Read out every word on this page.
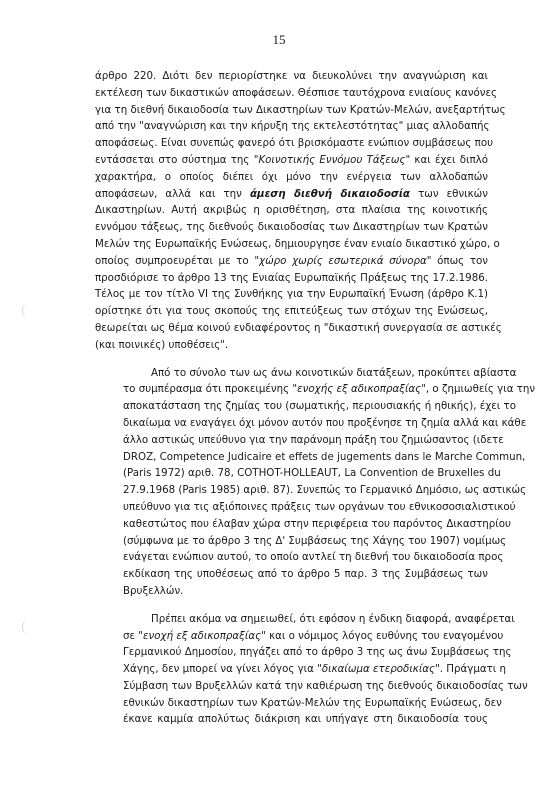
15
άρθρο 220. Διότι δεν περιορίστηκε να διευκολύνει την αναγνώριση και
εκτέλεση των δικαστικών αποφάσεων. Θέσπισε ταυτόχρονα ενιαίους κανόνες
για τη διεθνή δικαιοδοσία των Δικαστηρίων των Κρατών-Μελών, ανεξαρτήτως
από την "αναγνώριση και την κήρυξη της εκτελεστότητας" μιας αλλοδαπής
αποφάσεως. Είναι συνεπώς φανερό ότι βρισκόμαστε ενώπιον συμβάσεως που
εντάσσεται στο σύστημα της "Κοινοτικής Εννόμου Τάξεως" και έχει διπλό
χαρακτήρα, ο οποίος διέπει όχι μόνο την ενέργεια των αλλοδαπών
αποφάσεων, αλλά και την άμεση διεθνή δικαιοδοσία των εθνικών
Δικαστηρίων. Αυτή ακριβώς η ορισθέτηση, στα πλαίσια της κοινοτικής
εννόμου τάξεως, της διεθνούς δικαιοδοσίας των Δικαστηρίων των Κρατών
Μελών της Ευρωπαϊκής Ενώσεως, δημιουργησε έναν ενιαίο δικαστικό χώρο, ο
οποίος συμπροευρέται με το "χώρο χωρίς εσωτερικά σύνορα" όπως τον
προσδιόρισε το άρθρο 13 της Ενιαίας Ευρωπαϊκής Πράξεως της 17.2.1986.
Τέλος με τον τίτλο VI της Συνθήκης για την Ευρωπαϊκή Ένωση (άρθρο Κ.1)
ορίστηκε ότι για τους σκοπούς της επιτεύξεως των στόχων της Ενώσεως,
θεωρείται ως θέμα κοινού ενδιαφέροντος η "δικαστική συνεργασία σε αστικές
(και ποινικές) υποθέσεις".
Από το σύνολο των ως άνω κοινοτικών διατάξεων, προκύπτει αβίαστα
το συμπέρασμα ότι προκειμένης "ενοχής εξ αδικοπραξίας", ο ζημιωθείς για την
αποκατάσταση της ζημίας του (σωματικής, περιουσιακής ή ηθικής), έχει το
δικαίωμα να εναγάγει όχι μόνον αυτόν που προξένησε τη ζημία αλλά και κάθε
άλλο αστικώς υπεύθυνο για την παράνομη πράξη του ζημιώσαντος (ιδετε
DROZ, Competence Judicaire et effets de jugements dans le Marche Commun,
(Paris 1972) αριθ. 78, COTHOT-HOLLEAUT, La Convention de Bruxelles du
27.9.1968 (Paris 1985) αριθ. 87). Συνεπώς το Γερμανικό Δημόσιο, ως αστικώς
υπεύθυνο για τις αξιόποινες πράξεις των οργάνων του εθνικοσοσιαλιστικού
καθεστώτος που έλαβαν χώρα στην περιφέρεια του παρόντος Δικαστηρίου
(σύμφωνα με το άρθρο 3 της Δ' Συμβάσεως της Χάγης του 1907) νομίμως
ενάγεται ενώπιον αυτού, το οποίο αντλεί τη διεθνή του δικαιοδοσία προς
εκδίκαση της υποθέσεως από το άρθρο 5 παρ. 3 της Συμβάσεως των
Βρυξελλών.
Πρέπει ακόμα να σημειωθεί, ότι εφόσον η ένδικη διαφορά, αναφέρεται
σε "ενοχή εξ αδικοπραξίας" και ο νόμιμος λόγος ευθύνης του εναγομένου
Γερμανικού Δημοσίου, πηγάζει από το άρθρο 3 της ως άνω Συμβάσεως της
Χάγης, δεν μπορεί να γίνει λόγος για "δικαίωμα ετεροδικίας". Πράγματι η
Σύμβαση των Βρυξελλών κατά την καθιέρωση της διεθνούς δικαιοδοσίας των
εθνικών δικαστηρίων των Κρατών-Μελών της Ευρωπαϊκής Ενώσεως, δεν
έκανε καμμία απολύτως διάκριση και υπήγαγε στη δικαιοδοσία τους
